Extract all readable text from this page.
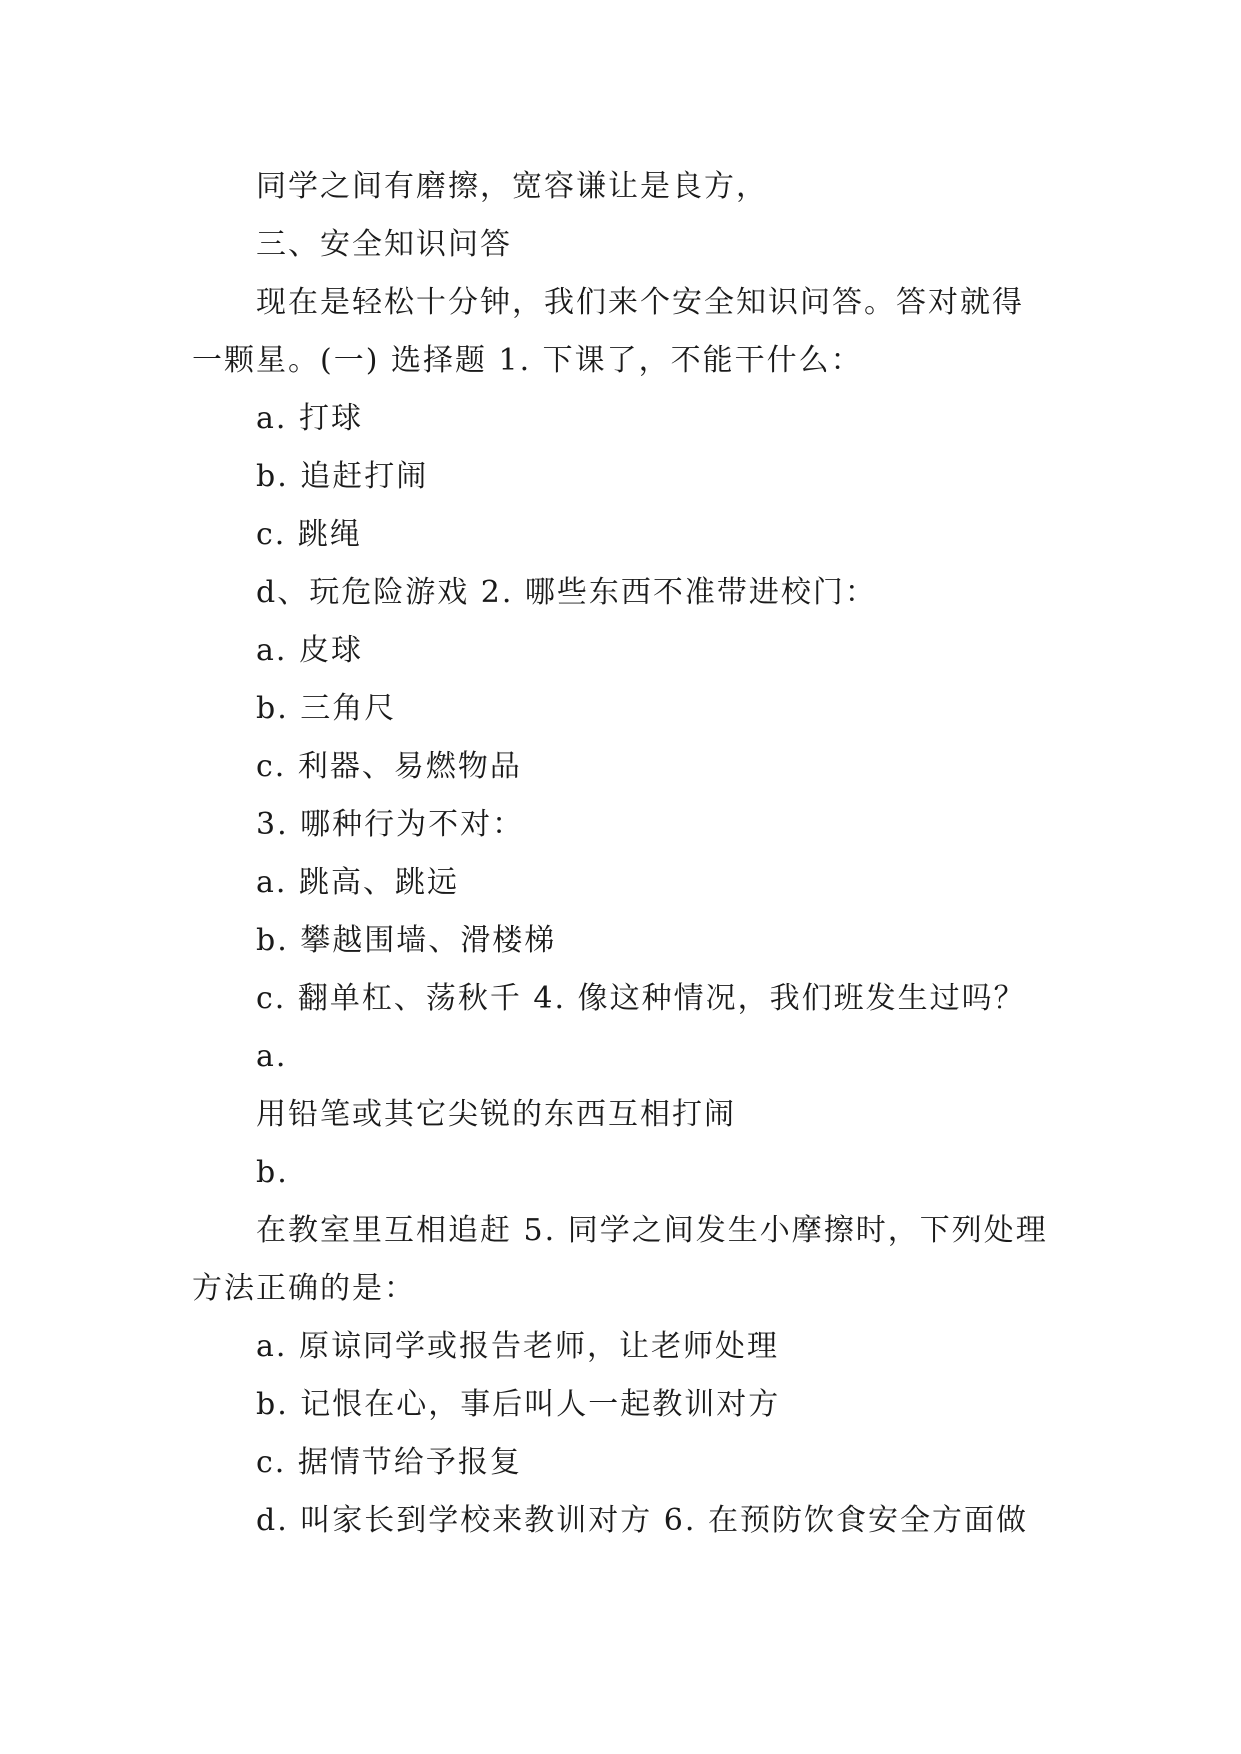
同学之间有磨擦，宽容谦让是良方，
三、安全知识问答
现在是轻松十分钟，我们来个安全知识问答。答对就得
一颗星。(一) 选择题 1. 下课了，不能干什么：
a. 打球
b. 追赶打闹
c. 跳绳
d、玩危险游戏 2. 哪些东西不准带进校门：
a. 皮球
b. 三角尺
c. 利器、易燃物品
3. 哪种行为不对：
a. 跳高、跳远
b. 攀越围墙、滑楼梯
c. 翻单杠、荡秋千 4. 像这种情况，我们班发生过吗？
a.
用铅笔或其它尖锐的东西互相打闹
b.
在教室里互相追赶 5. 同学之间发生小摩擦时，下列处理
方法正确的是：
a. 原谅同学或报告老师，让老师处理
b. 记恨在心，事后叫人一起教训对方
c. 据情节给予报复
d. 叫家长到学校来教训对方 6. 在预防饮食安全方面做
